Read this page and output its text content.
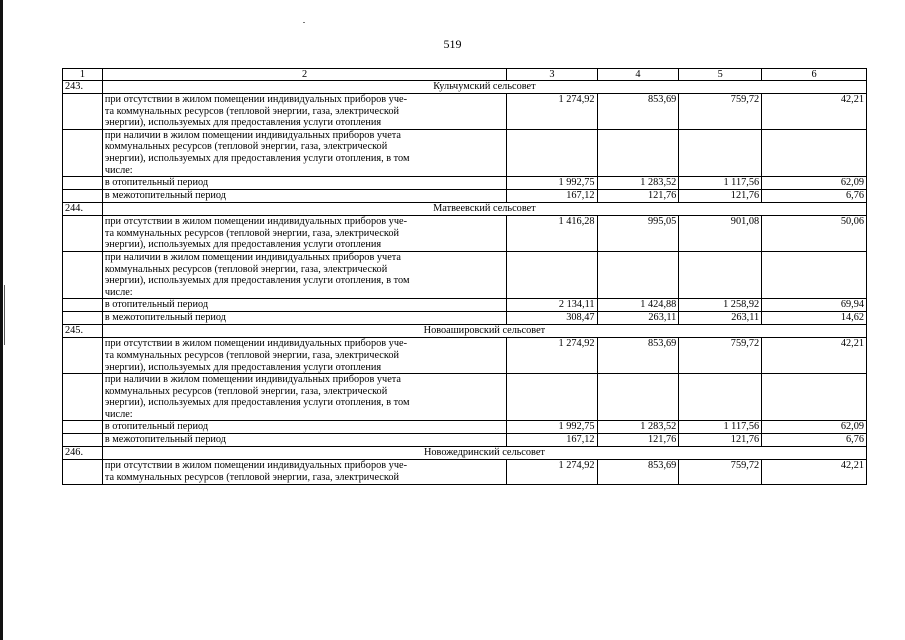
519
1	2	3	4	5	6
243.	Кульчумский сельсовет				
	при отсутствии в жилом помещении индивидуальных приборов уче-
та коммунальных ресурсов (тепловой энергии, газа, электрической
энергии), используемых для предоставления услуги отопления	1 274,92	853,69	759,72	42,21
	при наличии в жилом помещении индивидуальных приборов учета
коммунальных ресурсов (тепловой энергии, газа, электрической
энергии), используемых для предоставления услуги отопления, в том
числе:				
	в отопительный период	1 992,75	1 283,52	1 117,56	62,09
	в межотопительный период	167,12	121,76	121,76	6,76
244.	Матвеевский сельсовет				
	при отсутствии в жилом помещении индивидуальных приборов уче-
та коммунальных ресурсов (тепловой энергии, газа, электрической
энергии), используемых для предоставления услуги отопления	1 416,28	995,05	901,08	50,06
	при наличии в жилом помещении индивидуальных приборов учета
коммунальных ресурсов (тепловой энергии, газа, электрической
энергии), используемых для предоставления услуги отопления, в том
числе:				
	в отопительный период	2 134,11	1 424,88	1 258,92	69,94
	в межотопительный период	308,47	263,11	263,11	14,62
245.	Новоашировский сельсовет				
	при отсутствии в жилом помещении индивидуальных приборов уче-
та коммунальных ресурсов (тепловой энергии, газа, электрической
энергии), используемых для предоставления услуги отопления	1 274,92	853,69	759,72	42,21
	при наличии в жилом помещении индивидуальных приборов учета
коммунальных ресурсов (тепловой энергии, газа, электрической
энергии), используемых для предоставления услуги отопления, в том
числе:				
	в отопительный период	1 992,75	1 283,52	1 117,56	62,09
	в межотопительный период	167,12	121,76	121,76	6,76
246.	Новожедринский сельсовет				
	при отсутствии в жилом помещении индивидуальных приборов уче-
та коммунальных ресурсов (тепловой энергии, газа, электрической	1 274,92	853,69	759,72	42,21
